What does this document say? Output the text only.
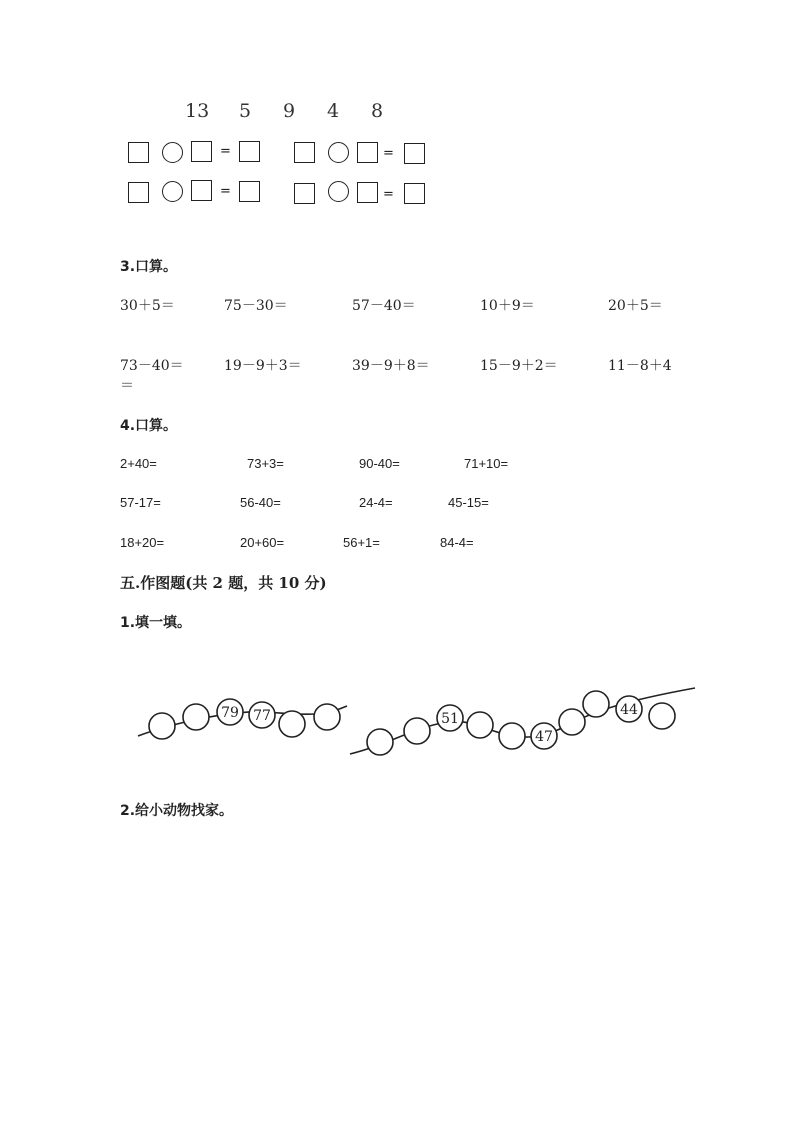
13 5 9 4 8
=	=
=	=
3.口算。
30＋5＝	75－30＝	57－40＝	10＋9＝	20＋5＝
73－40＝	19－9＋3＝	39－9＋8＝	15－9＋2＝	11－8＋4
＝
4.口算。
2+40=	73+3=	90-40=	71+10=
57-17=	56-40=	24-4=	45-15=
18+20=	20+60=	56+1=	84-4=
五.作图题(共 2 题，共 10 分)
1.填一填。
79 77	51
47
44
2.给小动物找家。
